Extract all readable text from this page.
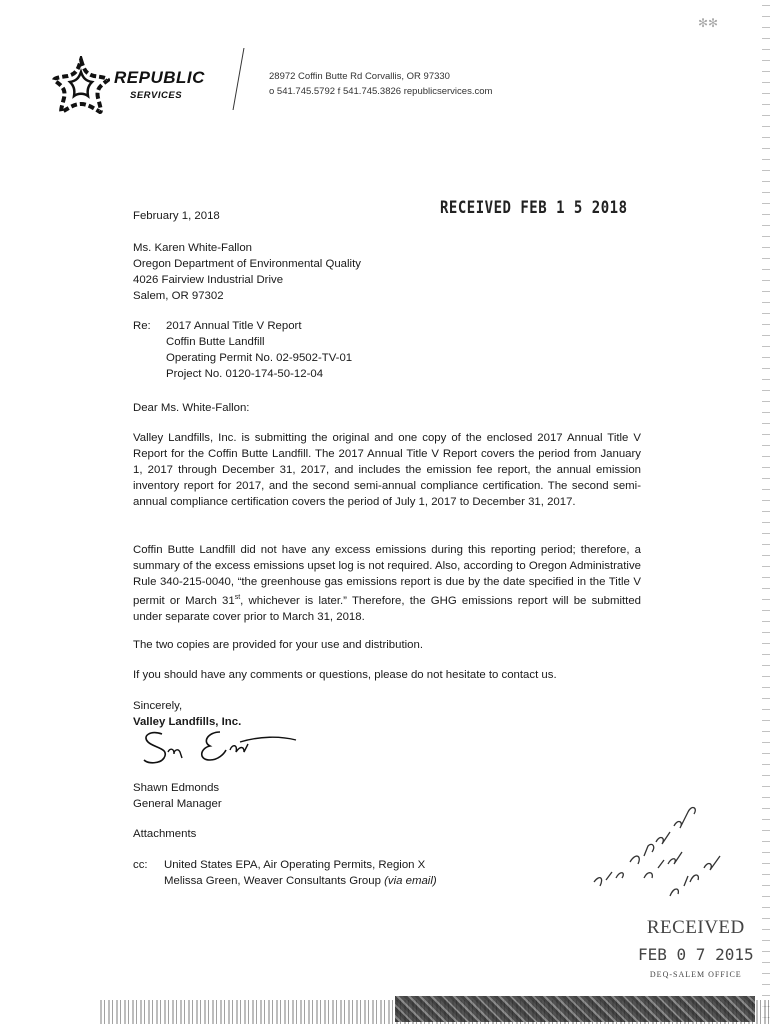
REPUBLIC
SERVICES
28972 Coffin Butte Rd Corvallis, OR 97330
o 541.745.5792 f 541.745.3826 republicservices.com
✻✻
RECEIVED FEB 1 5 2018
February 1, 2018
Ms. Karen White-Fallon
Oregon Department of Environmental Quality
4026 Fairview Industrial Drive
Salem, OR 97302
Re: 2017 Annual Title V Report
Coffin Butte Landfill
Operating Permit No. 02-9502-TV-01
Project No. 0120-174-50-12-04
Dear Ms. White-Fallon:
Valley Landfills, Inc. is submitting the original and one copy of the enclosed 2017 Annual Title V Report for the Coffin Butte Landfill. The 2017 Annual Title V Report covers the period from January 1, 2017 through December 31, 2017, and includes the emission fee report, the annual emission inventory report for 2017, and the second semi-annual compliance certification. The second semi-annual compliance certification covers the period of July 1, 2017 to December 31, 2017.
Coffin Butte Landfill did not have any excess emissions during this reporting period; therefore, a summary of the excess emissions upset log is not required. Also, according to Oregon Administrative Rule 340-215-0040, “the greenhouse gas emissions report is due by the date specified in the Title V permit or March 31st, whichever is later.” Therefore, the GHG emissions report will be submitted under separate cover prior to March 31, 2018.
The two copies are provided for your use and distribution.
If you should have any comments or questions, please do not hesitate to contact us.
Sincerely,
Valley Landfills, Inc.
Shawn Edmonds
General Manager
Attachments
cc: United States EPA, Air Operating Permits, Region X
Melissa Green, Weaver Consultants Group (via email)
RECEIVED
FEB 0 7 2015
DEQ-SALEM OFFICE
